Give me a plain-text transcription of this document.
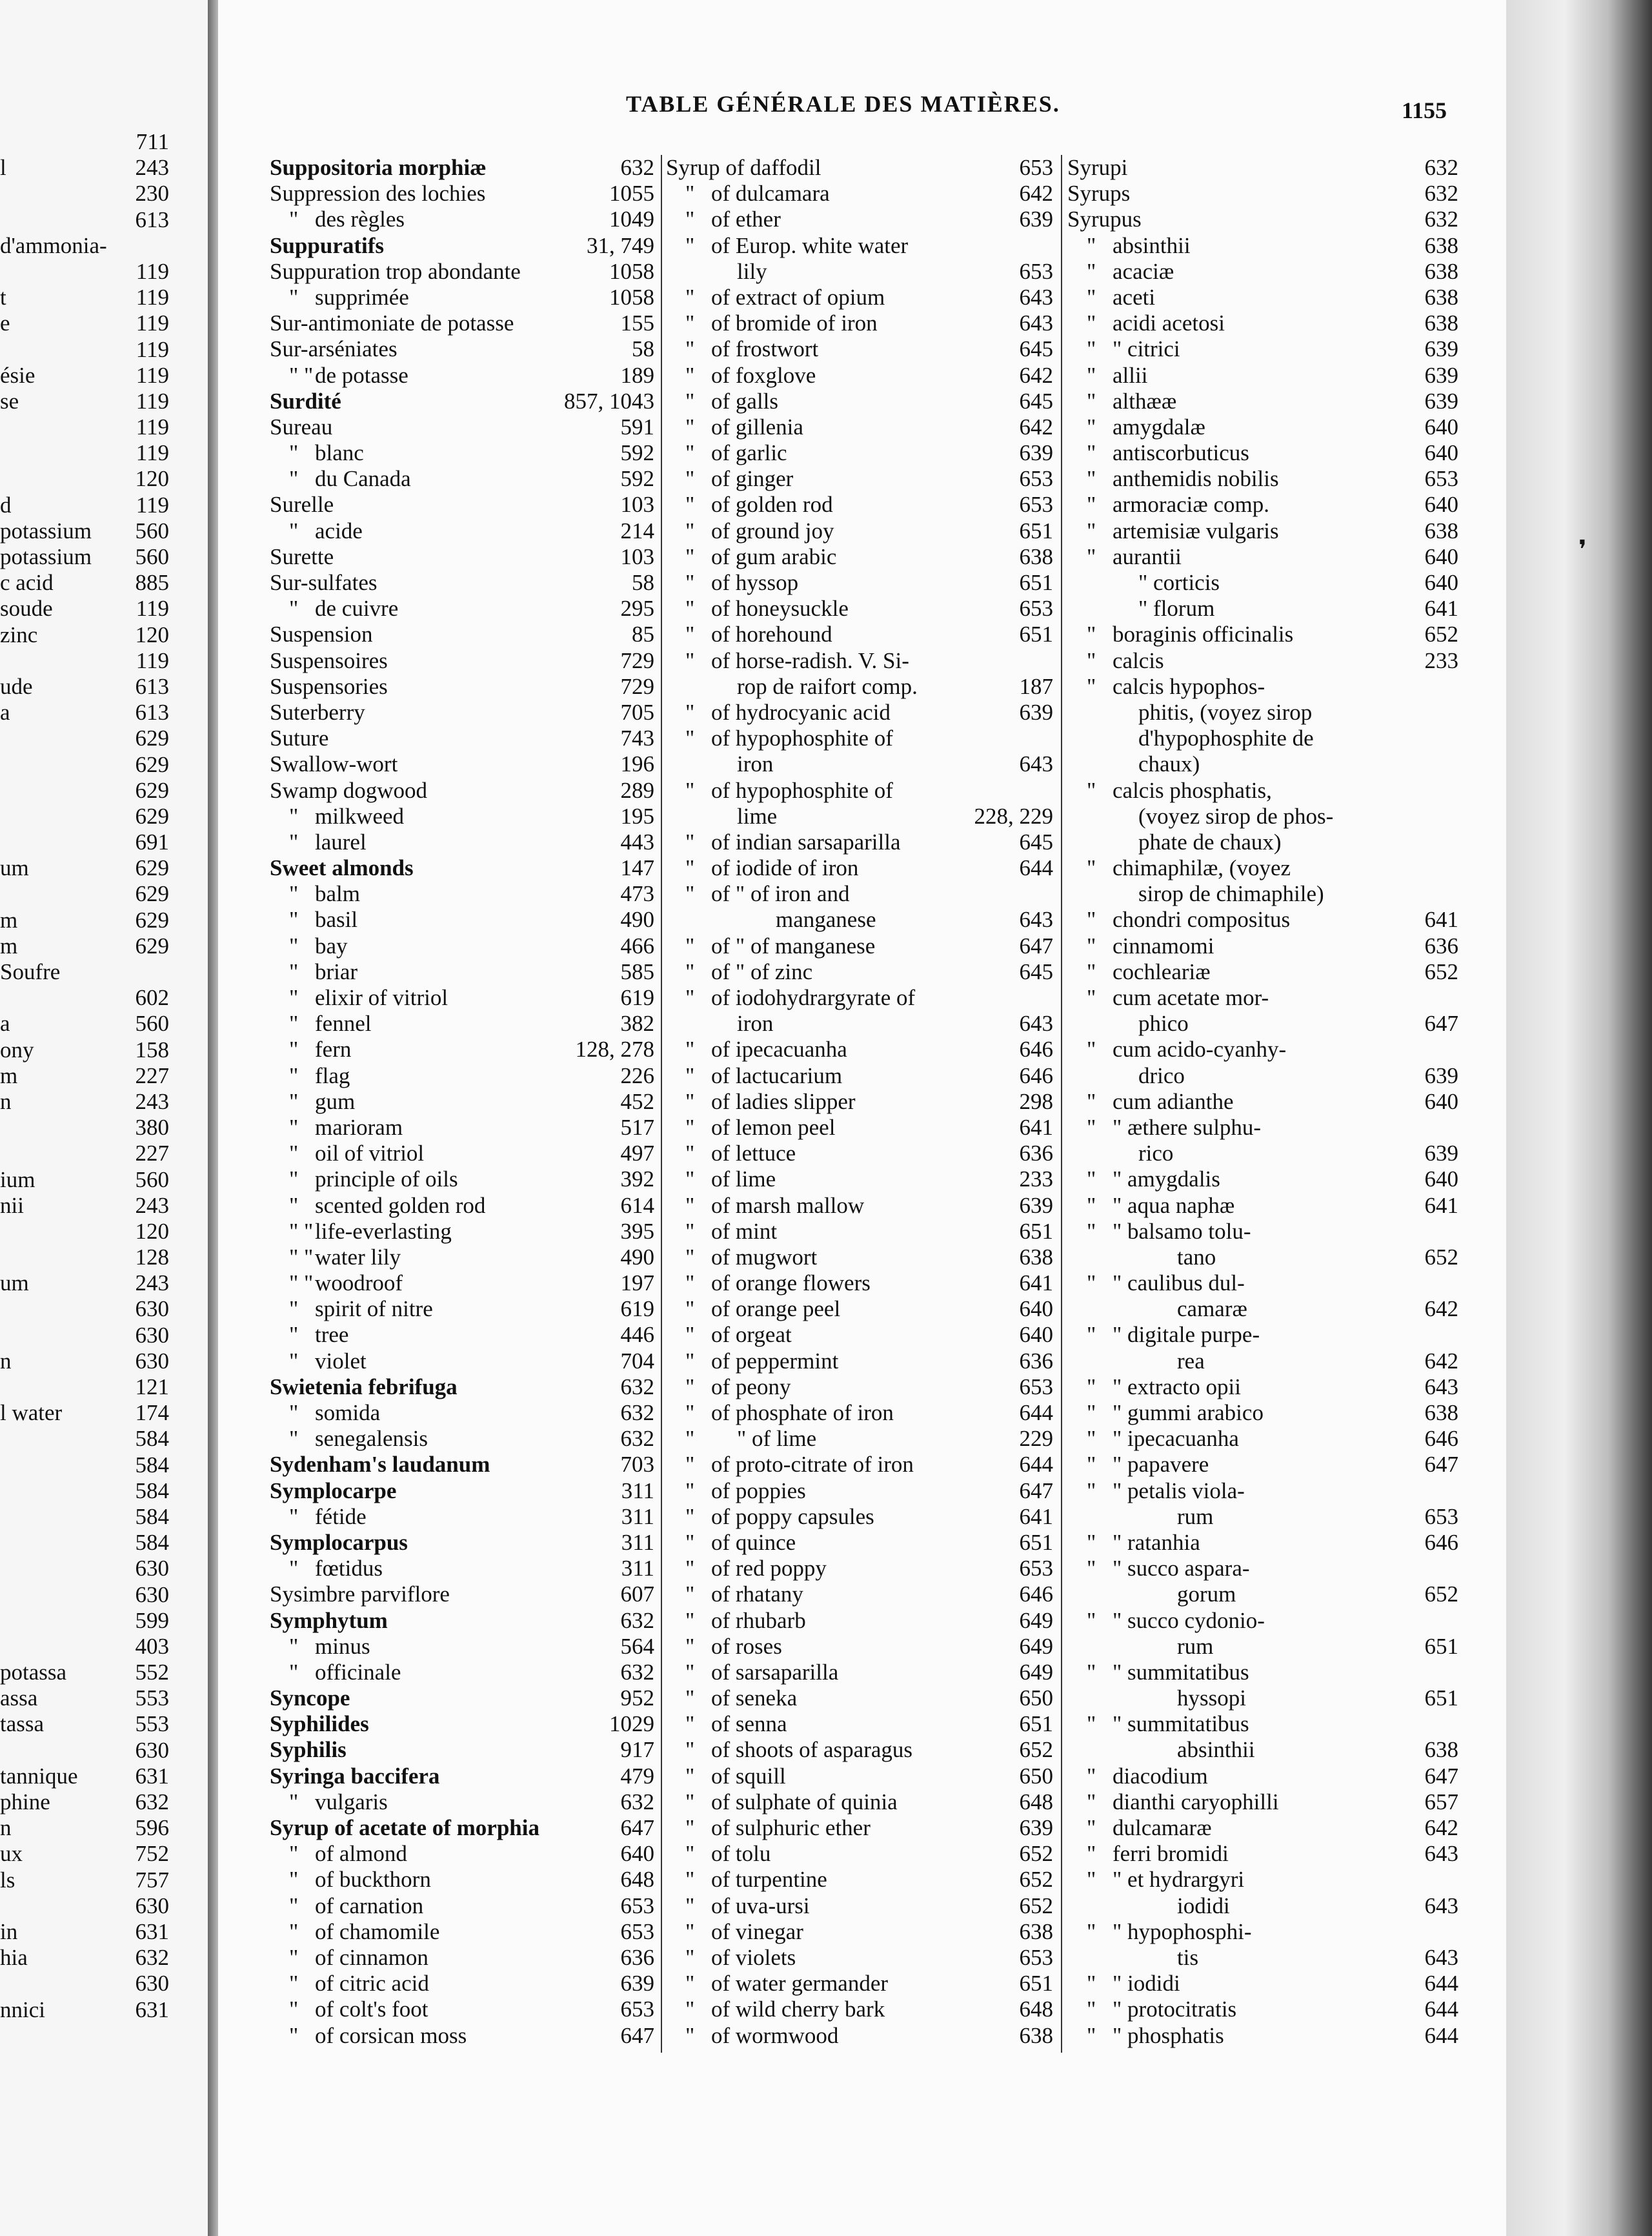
TABLE GÉNÉRALE DES MATIÈRES.	1155
Suppositoria morphiæ	632
Suppression des lochies	1055
" des règles	1049
Suppuratifs	31, 749
Suppuration trop abondante	1058
" supprimée	1058
Sur-antimoniate de potasse	155
Sur-arséniates	58
" " de potasse	189
Surdité	857, 1043
Sureau	591
" blanc	592
" du Canada	592
Surelle	103
" acide	214
Surette	103
Sur-sulfates	58
" de cuivre	295
Suspension	85
Suspensoires	729
Suspensories	729
Suterberry	705
Suture	743
Swallow-wort	196
Swamp dogwood	289
" milkweed	195
" laurel	443
Sweet almonds	147
" balm	473
" basil	490
" bay	466
" briar	585
" elixir of vitriol	619
" fennel	382
" fern	128, 278
" flag	226
" gum	452
" marioram	517
" oil of vitriol	497
" principle of oils	392
" scented golden rod	614
" " life-everlasting	395
" " water lily	490
" " woodroof	197
" spirit of nitre	619
" tree	446
" violet	704
Swietenia febrifuga	632
" somida	632
" senegalensis	632
Sydenham's laudanum	703
Symplocarpe	311
" fétide	311
Symplocarpus	311
" fœtidus	311
Sysimbre parviflore	607
Symphytum	632
" minus	564
" officinale	632
Syncope	952
Syphilides	1029
Syphilis	917
Syringa baccifera	479
" vulgaris	632
Syrup of acetate of morphia	647
" of almond	640
" of buckthorn	648
" of carnation	653
" of chamomile	653
" of cinnamon	636
" of citric acid	639
" of colt's foot	653
" of corsican moss	647
Syrup of daffodil	653
" of dulcamara	642
" of ether	639
" of Europ. white water
lily	653
" of extract of opium	643
" of bromide of iron	643
" of frostwort	645
" of foxglove	642
" of galls	645
" of gillenia	642
" of garlic	639
" of ginger	653
" of golden rod	653
" of ground joy	651
" of gum arabic	638
" of hyssop	651
" of honeysuckle	653
" of horehound	651
" of horse-radish. V. Si-
rop de raifort comp.	187
" of hydrocyanic acid	639
" of hypophosphite of
iron	643
" of hypophosphite of
lime	228, 229
" of indian sarsaparilla	645
" of iodide of iron	644
" of " of iron and
manganese	643
" of " of manganese	647
" of " of zinc	645
" of iodohydrargyrate of
iron	643
" of ipecacuanha	646
" of lactucarium	646
" of ladies slipper	298
" of lemon peel	641
" of lettuce	636
" of lime	233
" of marsh mallow	639
" of mint	651
" of mugwort	638
" of orange flowers	641
" of orange peel	640
" of orgeat	640
" of peppermint	636
" of peony	653
" of phosphate of iron	644
" " of lime	229
" of proto-citrate of iron	644
" of poppies	647
" of poppy capsules	641
" of quince	651
" of red poppy	653
" of rhatany	646
" of rhubarb	649
" of roses	649
" of sarsaparilla	649
" of seneka	650
" of senna	651
" of shoots of asparagus	652
" of squill	650
" of sulphate of quinia	648
" of sulphuric ether	639
" of tolu	652
" of turpentine	652
" of uva-ursi	652
" of vinegar	638
" of violets	653
" of water germander	651
" of wild cherry bark	648
" of wormwood	638
Syrupi	632
Syrups	632
Syrupus	632
" absinthii	638
" acaciæ	638
" aceti	638
" acidi acetosi	638
" " citrici	639
" allii	639
" althææ	639
" amygdalæ	640
" antiscorbuticus	640
" anthemidis nobilis	653
" armoraciæ comp.	640
" artemisiæ vulgaris	638
" aurantii	640
" corticis	640
" florum	641
" boraginis officinalis	652
" calcis	233
" calcis hypophos-
phitis, (voyez sirop
d'hypophosphite de
chaux)
" calcis phosphatis,
(voyez sirop de phos-
phate de chaux)
" chimaphilæ, (voyez
sirop de chimaphile)
" chondri compositus	641
" cinnamomi	636
" cochleariæ	652
" cum acetate mor-
phico	647
" cum acido-cyanhy-
drico	639
" cum adianthe	640
" " æthere sulphu-
rico	639
" " amygdalis	640
" " aqua naphæ	641
" " balsamo tolu-
tano	652
" " caulibus dul-
camaræ	642
" " digitale purpe-
rea	642
" " extracto opii	643
" " gummi arabico	638
" " ipecacuanha	646
" " papavere	647
" " petalis viola-
rum	653
" " ratanhia	646
" " succo aspara-
gorum	652
" " succo cydonio-
rum	651
" " summitatibus
hyssopi	651
" " summitatibus
absinthii	638
" diacodium	647
" dianthi caryophilli	657
" dulcamaræ	642
" ferri bromidi	643
" " et hydrargyri
iodidi	643
" " hypophosphi-
tis	643
" " iodidi	644
" " protocitratis	644
" " phosphatis	644
711
l	243
230
613
d'ammonia-
119
t	119
e	119
119
ésie	119
se	119
119
119
120
d	119
potassium 560
potassium 560
c acid	885
soude	119
zinc	120
119
ude	613
a	613
629
629
629
629
691
um	629
629
m	629
m	629
Soufre
602
a	560
ony	158
m	227
n	243
380
227
ium	560
nii	243
120
128
um	243
630
630
n	630
121
l water	174
584
584
584
584
584
630
630
599
403
potassa	552
assa	553
tassa	553
630
tannique	631
phine	632
n	596
ux	752
ls	757
630
in	631
hia	632
630
nnici	631
❜
